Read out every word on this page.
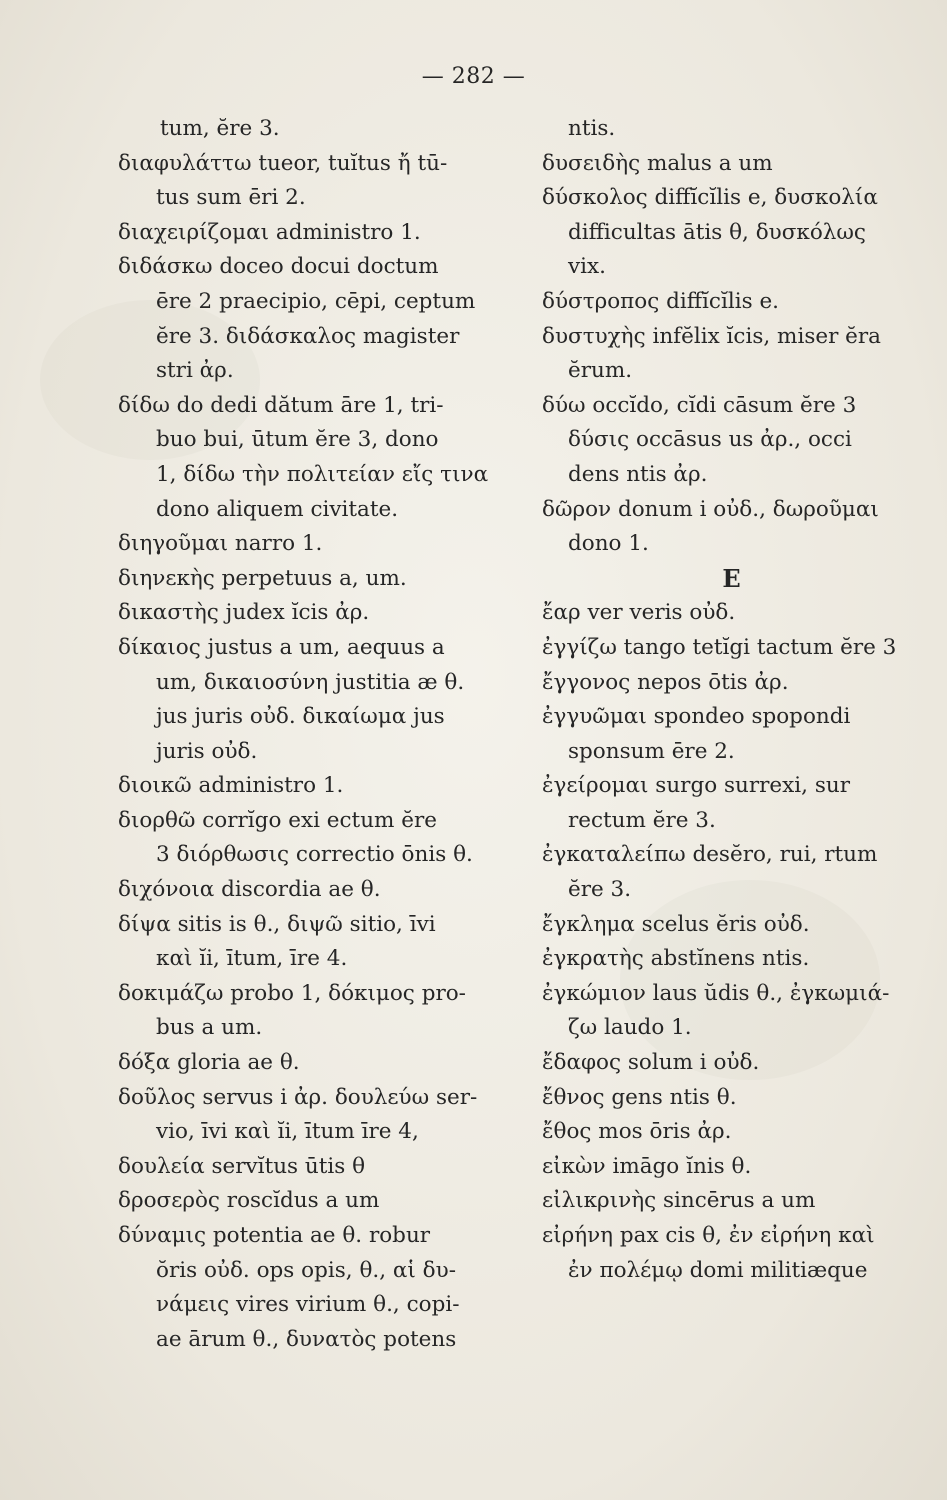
— 282 —
tum, ĕre 3.
διαφυλάττω tueor, tuĭtus ἤ tū-
tus sum ēri 2.
διαχειρίζομαι administro 1.
διδάσκω doceo docui doctum
ēre 2 praecipio, cēpi, ceptum
ĕre 3. διδάσκαλος magister
stri ἀρ.
δίδω do dedi dătum āre 1, tri-
buo bui, ūtum ĕre 3, dono
1, δίδω τὴν πολιτείαν εἴς τινα
dono aliquem civitate.
διηγοῦμαι narro 1.
διηνεκὴς perpetuus a, um.
δικαστὴς judex ĭcis ἀρ.
δίκαιος justus a um, aequus a
um, δικαιοσύνη justitia æ θ.
jus juris οὐδ. δικαίωμα jus
juris οὐδ.
διοικῶ administro 1.
διορθῶ corrĭgo exi ectum ĕre
3 διόρθωσις correctio ōnis θ.
διχόνοια discordia ae θ.
δίψα sitis is θ., διψῶ sitio, īvi
καὶ ĭi, ītum, īre 4.
δοκιμάζω probo 1, δόκιμος pro-
bus a um.
δόξα gloria ae θ.
δοῦλος servus i ἀρ. δουλεύω ser-
vio, īvi καὶ ĭi, ītum īre 4,
δουλεία servĭtus ūtis θ
δροσερὸς roscĭdus a um
δύναμις potentia ae θ. robur
ŏris οὐδ. ops opis, θ., αἱ δυ-
νάμεις vires virium θ., copi-
ae ārum θ., δυνατὸς potens
ntis.
δυσειδὴς malus a um
δύσκολος diffĭcĭlis e, δυσκολία
difficultas ātis θ, δυσκόλως
vix.
δύστροπος diffĭcĭlis e.
δυστυχὴς infĕlix ĭcis, miser ĕra
ĕrum.
δύω occĭdo, cĭdi cāsum ĕre 3
δύσις occāsus us ἀρ., occi
dens ntis ἀρ.
δῶρον donum i οὐδ., δωροῦμαι
dono 1.
E
ἔαρ ver veris οὐδ.
ἐγγίζω tango tetĭgi tactum ĕre 3
ἔγγονος nepos ōtis ἀρ.
ἐγγυῶμαι spondeo spopondi
sponsum ēre 2.
ἐγείρομαι surgo surrexi, sur
rectum ĕre 3.
ἐγκαταλείπω desĕro, rui, rtum
ĕre 3.
ἔγκλημα scelus ĕris οὐδ.
ἐγκρατὴς abstĭnens ntis.
ἐγκώμιον laus ŭdis θ., ἐγκωμιά-
ζω laudo 1.
ἔδαφος solum i οὐδ.
ἔθνος gens ntis θ.
ἔθος mos ōris ἀρ.
εἰκὼν imāgo ĭnis θ.
εἰλικρινὴς sincērus a um
εἰρήνη pax cis θ, ἐν εἰρήνη καὶ
ἐν πολέμῳ domi militiæque
